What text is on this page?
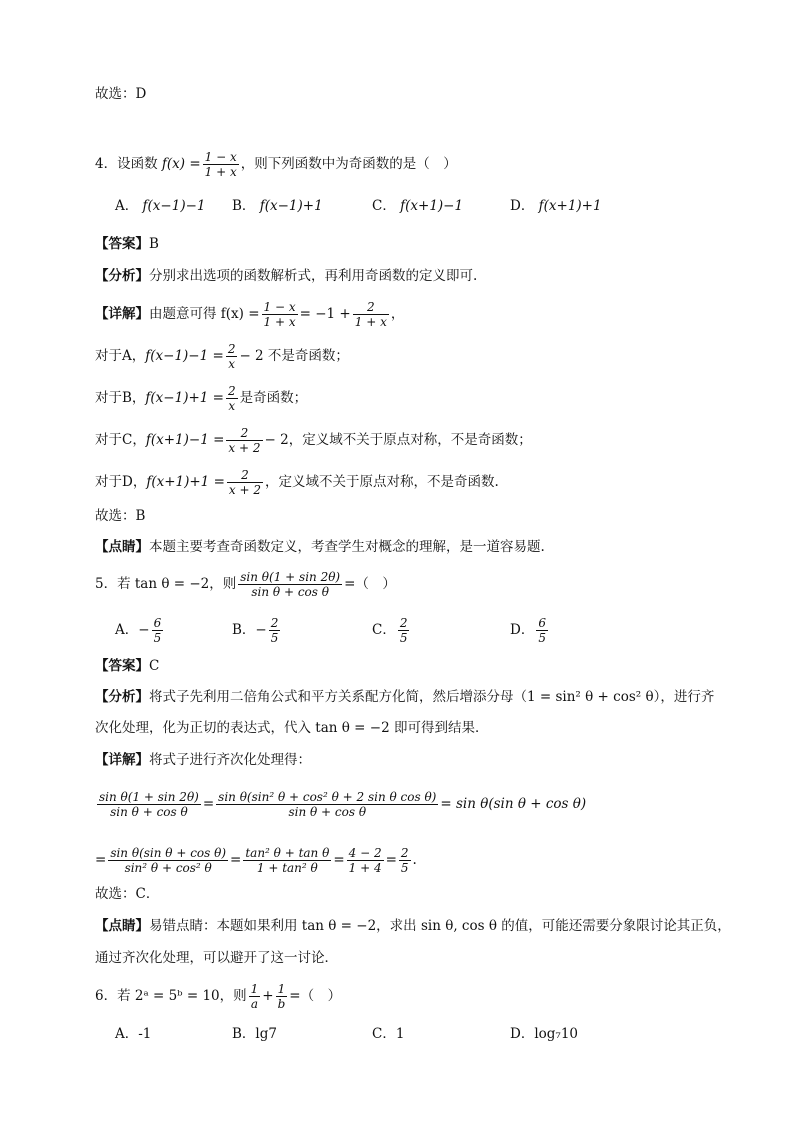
故选：D
4．设函数 $f(x) = \frac{1 - x}{1 + x}$ ，则下列函数中为奇函数的是（　）
A． f(x−1)−1 B． f(x−1)+1	C． f(x+1)−1	D． f(x+1)+1
【答案】B
【分析】分别求出选项的函数解析式，再利用奇函数的定义即可.
【详解】由题意可得 $f(x) = \frac{1 - x}{1 + x} = -1 + \frac{2}{1 + x}$ ，
对于A，$f(x-1)-1 = \frac{2}{x} - 2$ 不是奇函数；
对于B，$f(x-1)+1 = \frac{2}{x}$ 是奇函数；
对于C，$f(x+1)-1 = \frac{2}{x + 2} - 2$，定义域不关于原点对称，不是奇函数；
对于D，$f(x+1)+1 = \frac{2}{x + 2}$ ，定义域不关于原点对称，不是奇函数.
故选：B
【点睛】本题主要考查奇函数定义，考查学生对概念的理解，是一道容易题.
5．若 tan θ = −2，则 $\frac{\text{sin θ(1 + sin 2θ)}}{\text{sin θ + cos θ}}$ =（　）
A．− $\frac{6}{5}$	B．− $\frac{2}{5}$	C． $\frac{2}{5}$	D． $\frac{6}{5}$
【答案】C
【分析】将式子先利用二倍角公式和平方关系配方化简，然后增添分母（1 = sin² θ + cos² θ），进行齐
次化处理，化为正切的表达式，代入 tan θ = −2 即可得到结果．
【详解】将式子进行齐次化处理得：
$\frac{\text{sin θ(1 + sin 2θ)}}{\text{sin θ + cos θ}} = \frac{\text{sin θ(sin² θ + cos² θ + 2 sin θ cos θ)}}{\text{sin θ + cos θ}} = \sin \theta(\sin$ θ + cos θ)
= $\frac{\text{sin θ(sin θ + cos θ)}}{\text{sin² θ + cos² θ}} = \frac{\text{tan² θ + tan θ}}{\text{1 + tan² θ}} = \frac{4 - 2}{1 + 4} = \frac{2}{5}$ .
故选：C．
【点睛】易错点睛：本题如果利用 tan θ = −2，求出 sin θ, cos θ 的值，可能还需要分象限讨论其正负，
通过齐次化处理，可以避开了这一讨论．
6．若 2ᵃ = 5ᵇ = 10，则 $\frac{1}{a} + \frac{1}{b}$ =（　）
A．-1	B．lg7	C．1	D．log₇10
